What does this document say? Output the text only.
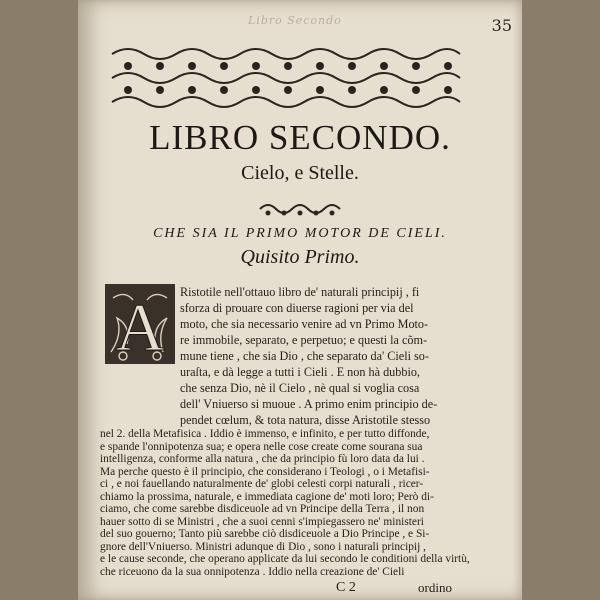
35
Libro Secondo
LIBRO SECONDO.
Cielo, e Stelle.
CHE SIA IL PRIMO MOTOR DE CIELI.
Quisito Primo.
A Ristotile nell'ottauo libro de' naturali principij , fi
sforza di prouare con diuerse ragioni per via del
moto, che sia necessario venire ad vn Primo Moto-
re immobile, separato, e perpetuo; e questi la cõm-
mune tiene , che sia Dio , che separato da' Cieli so-
uraſta, e dà legge a tutti i Cieli . E non hà dubbio,
che senza Dio, nè il Cielo , nè qual si voglia cosa
dell' Vniuerso si muoue . A primo enim principio de-
pendet cœlum, & tota natura, disse Aristotile stesso
nel 2. della Metafisica . Iddio è immenso, e infinito, e per tutto diffonde,
e spande l'onnipotenza sua; e opera nelle cose create come sourana sua
intelligenza, conforme alla natura , che da principio fù loro data da lui .
Ma perche questo è il principio, che considerano i Teologi , o i Metafisi-
ci , e noi fauellando naturalmente de' globi celesti corpi naturali , ricer-
chiamo la prossima, naturale, e immediata cagione de' moti loro; Però di-
ciamo, che come sarebbe disdiceuole ad vn Principe della Terra , il non
hauer sotto di se Ministri , che a suoi cenni s'impiegassero ne' ministeri
del suo gouerno; Tanto più sarebbe ciò disdiceuole a Dio Principe , e Si-
gnore dell'Vniuerso. Ministri adunque di Dio , sono i naturali principij ,
e le cause seconde, che operano applicate da lui secondo le conditioni della virtù,
che riceuono da la sua onnipotenza . Iddio nella creazione de' Cieli
C 2	ordino
